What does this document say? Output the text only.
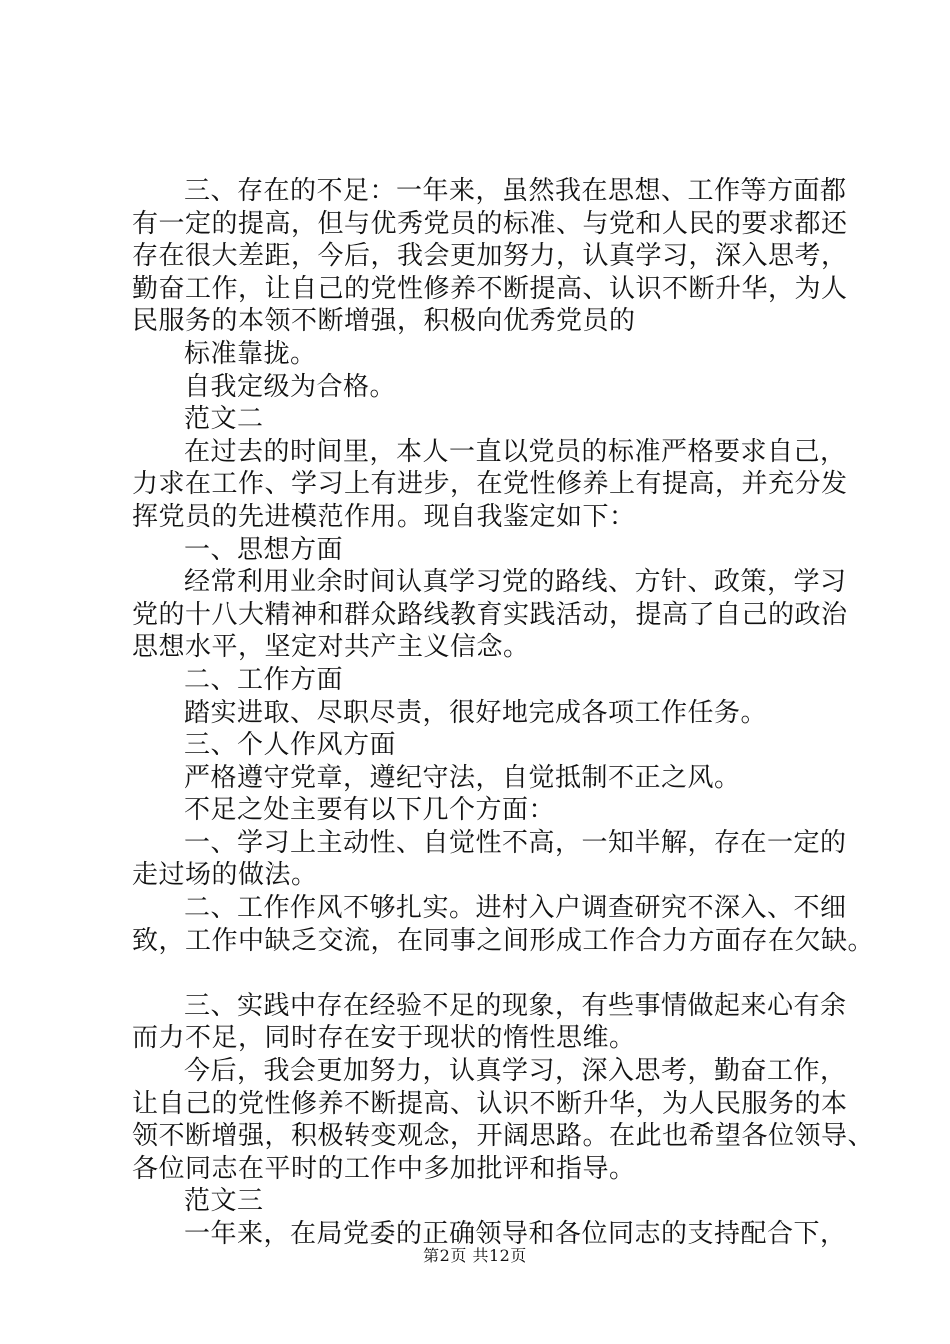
三、存在的不足：一年来，虽然我在思想、工作等方面都
有一定的提高，但与优秀党员的标准、与党和人民的要求都还
存在很大差距，今后，我会更加努力，认真学习，深入思考，
勤奋工作，让自己的党性修养不断提高、认识不断升华，为人
民服务的本领不断增强，积极向优秀党员的
标准靠拢。
自我定级为合格。
范文二
在过去的时间里，本人一直以党员的标准严格要求自己，
力求在工作、学习上有进步，在党性修养上有提高，并充分发
挥党员的先进模范作用。现自我鉴定如下：
一、思想方面
经常利用业余时间认真学习党的路线、方针、政策，学习
党的十八大精神和群众路线教育实践活动，提高了自己的政治
思想水平，坚定对共产主义信念。
二、工作方面
踏实进取、尽职尽责，很好地完成各项工作任务。
三、个人作风方面
严格遵守党章，遵纪守法，自觉抵制不正之风。
不足之处主要有以下几个方面：
一、学习上主动性、自觉性不高，一知半解，存在一定的
走过场的做法。
二、工作作风不够扎实。进村入户调查研究不深入、不细
致，工作中缺乏交流，在同事之间形成工作合力方面存在欠缺。
三、实践中存在经验不足的现象，有些事情做起来心有余
而力不足，同时存在安于现状的惰性思维。
今后，我会更加努力，认真学习，深入思考，勤奋工作，
让自己的党性修养不断提高、认识不断升华，为人民服务的本
领不断增强，积极转变观念，开阔思路。在此也希望各位领导、
各位同志在平时的工作中多加批评和指导。
范文三
一年来，在局党委的正确领导和各位同志的支持配合下，
第2页 共12页
